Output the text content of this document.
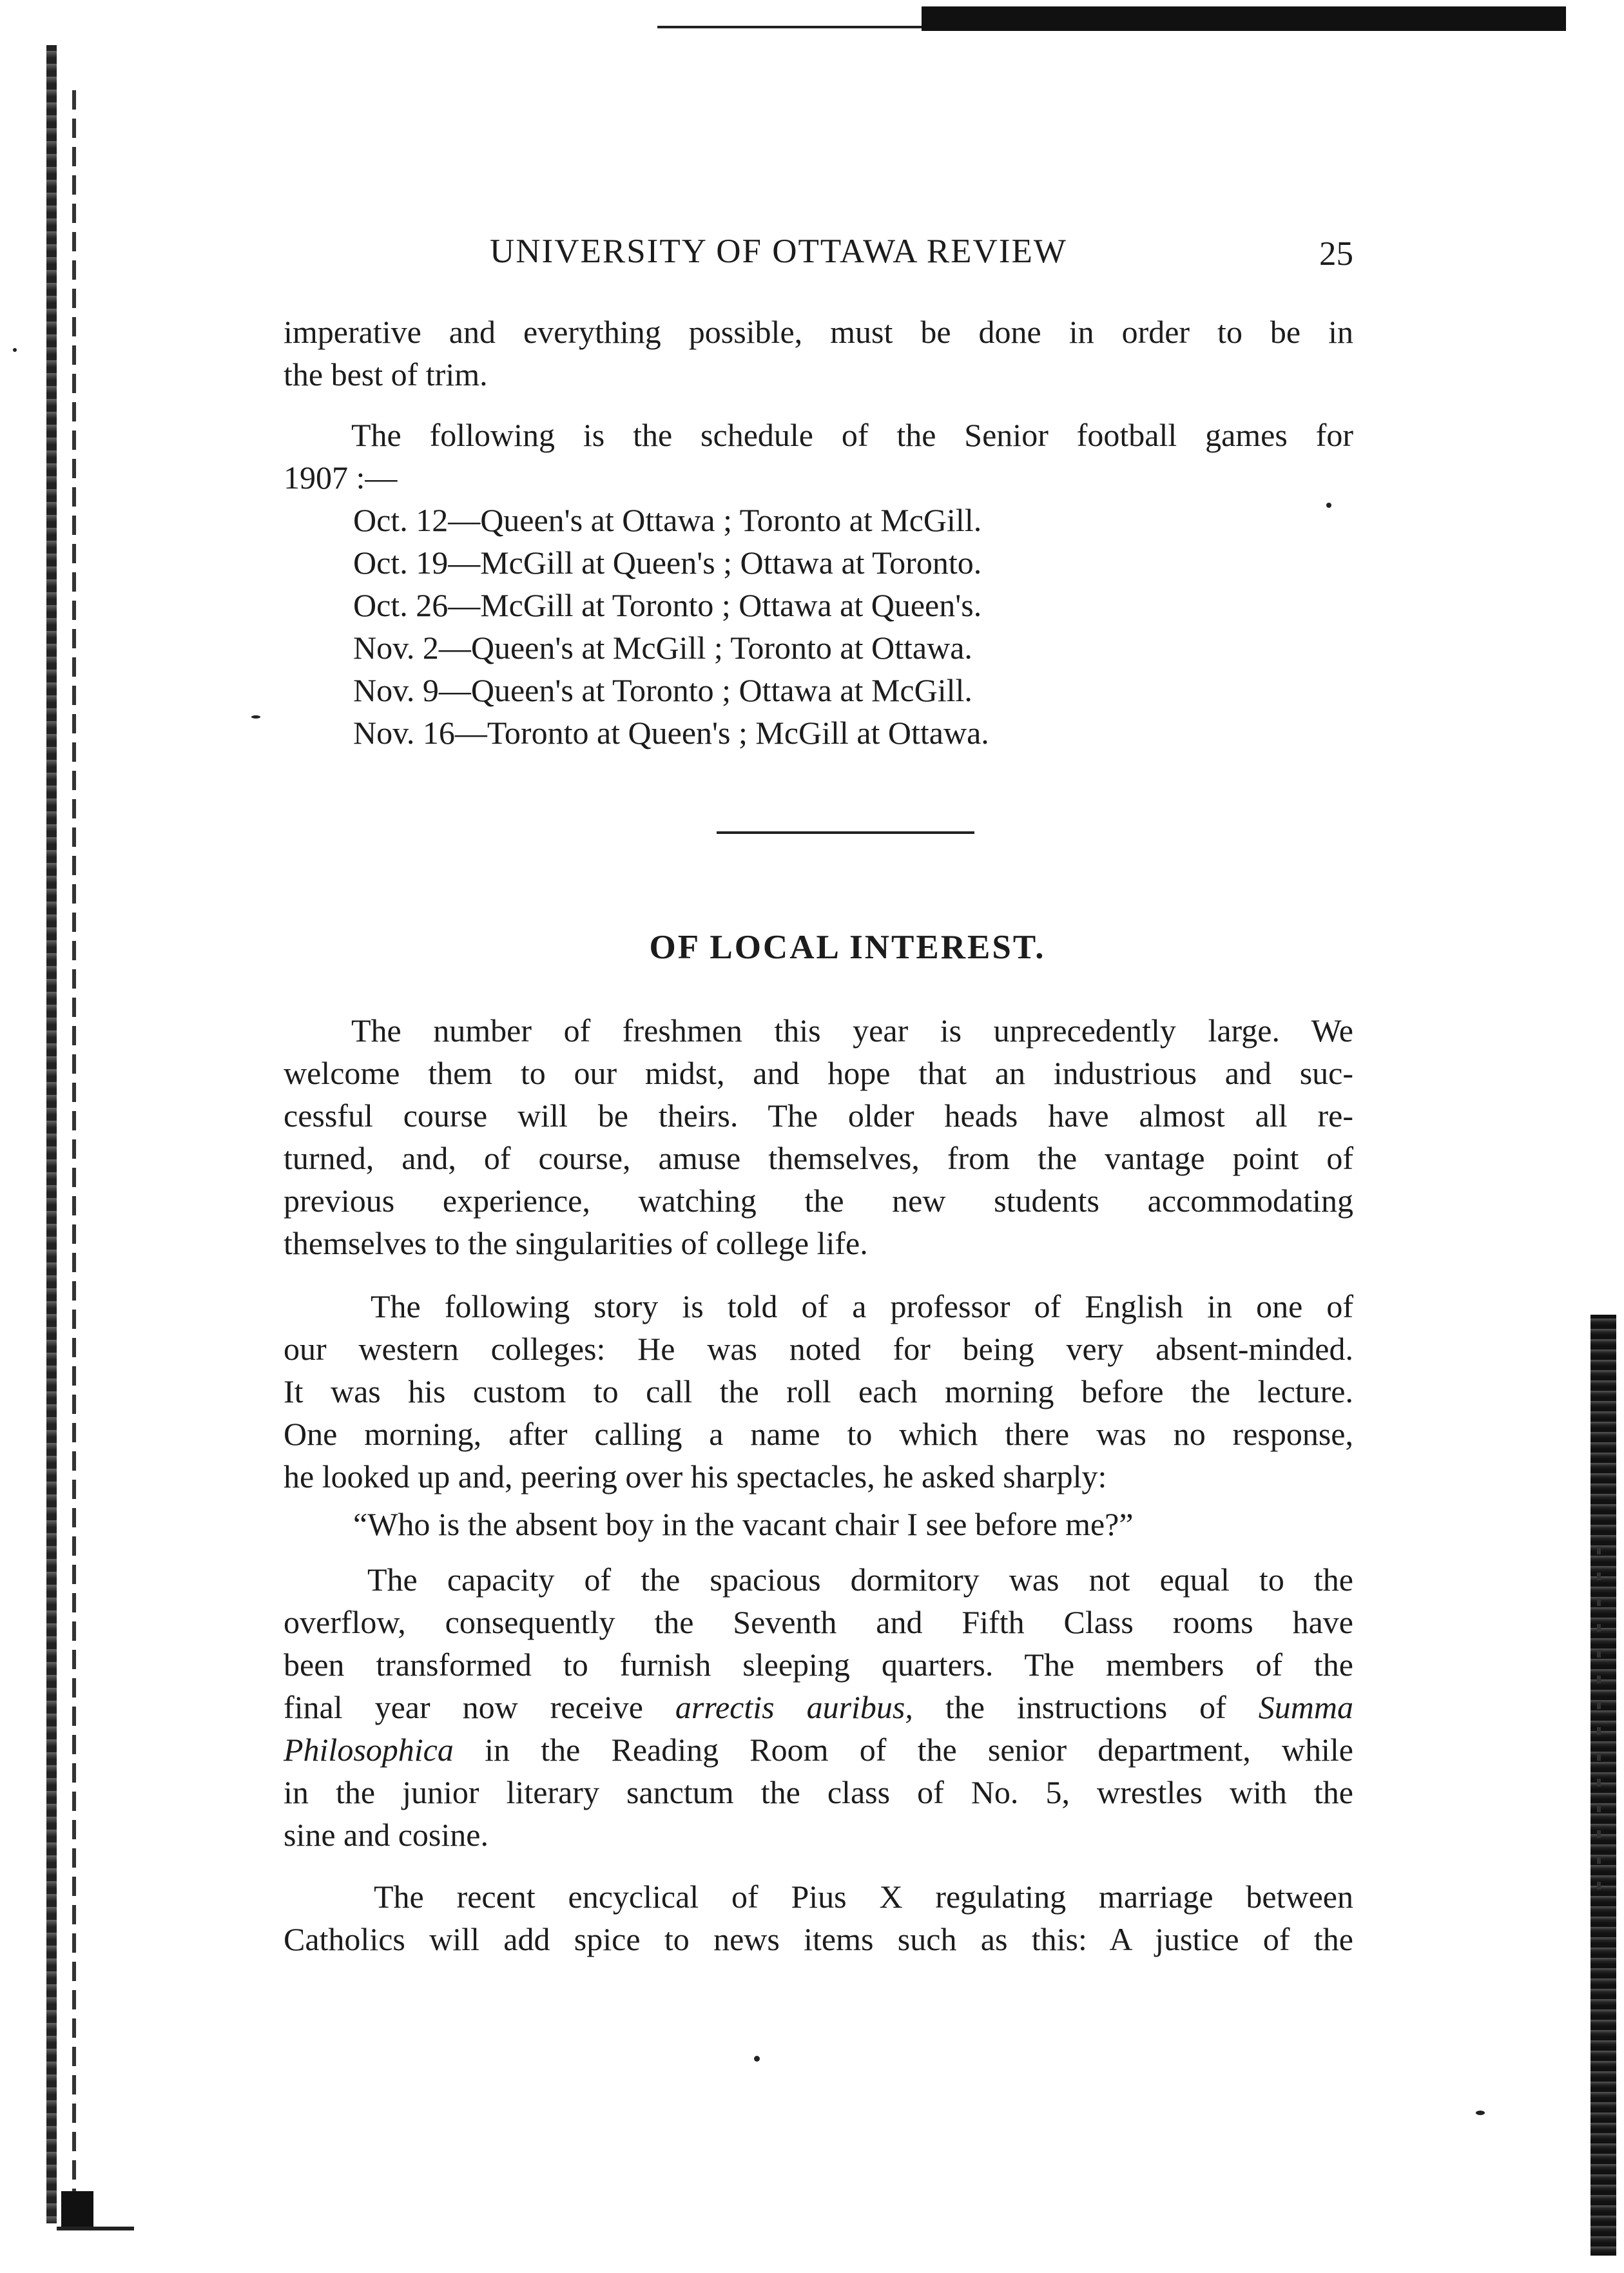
UNIVERSITY OF OTTAWA REVIEW	25
imperative and everything possible, must be done in order to be in
the best of trim.
The following is the schedule of the Senior football games for
1907 :—
Oct. 12—Queen's at Ottawa ; Toronto at McGill.
Oct. 19—McGill at Queen's ; Ottawa at Toronto.
Oct. 26—McGill at Toronto ; Ottawa at Queen's.
Nov. 2—Queen's at McGill ; Toronto at Ottawa.
Nov. 9—Queen's at Toronto ; Ottawa at McGill.
Nov. 16—Toronto at Queen's ; McGill at Ottawa.
OF LOCAL INTEREST.
The number of freshmen this year is unprecedently large. We
welcome them to our midst, and hope that an industrious and suc-
cessful course will be theirs. The older heads have almost all re-
turned, and, of course, amuse themselves, from the vantage point of
previous experience, watching the new students accommodating
themselves to the singularities of college life.
The following story is told of a professor of English in one of
our western colleges: He was noted for being very absent-minded.
It was his custom to call the roll each morning before the lecture.
One morning, after calling a name to which there was no response,
he looked up and, peering over his spectacles, he asked sharply:
“Who is the absent boy in the vacant chair I see before me?”
The capacity of the spacious dormitory was not equal to the
overflow, consequently the Seventh and Fifth Class rooms have
been transformed to furnish sleeping quarters. The members of the
final year now receive arrectis auribus, the instructions of Summa
Philosophica in the Reading Room of the senior department, while
in the junior literary sanctum the class of No. 5, wrestles with the
sine and cosine.
The recent encyclical of Pius X regulating marriage between
Catholics will add spice to news items such as this: A justice of the
